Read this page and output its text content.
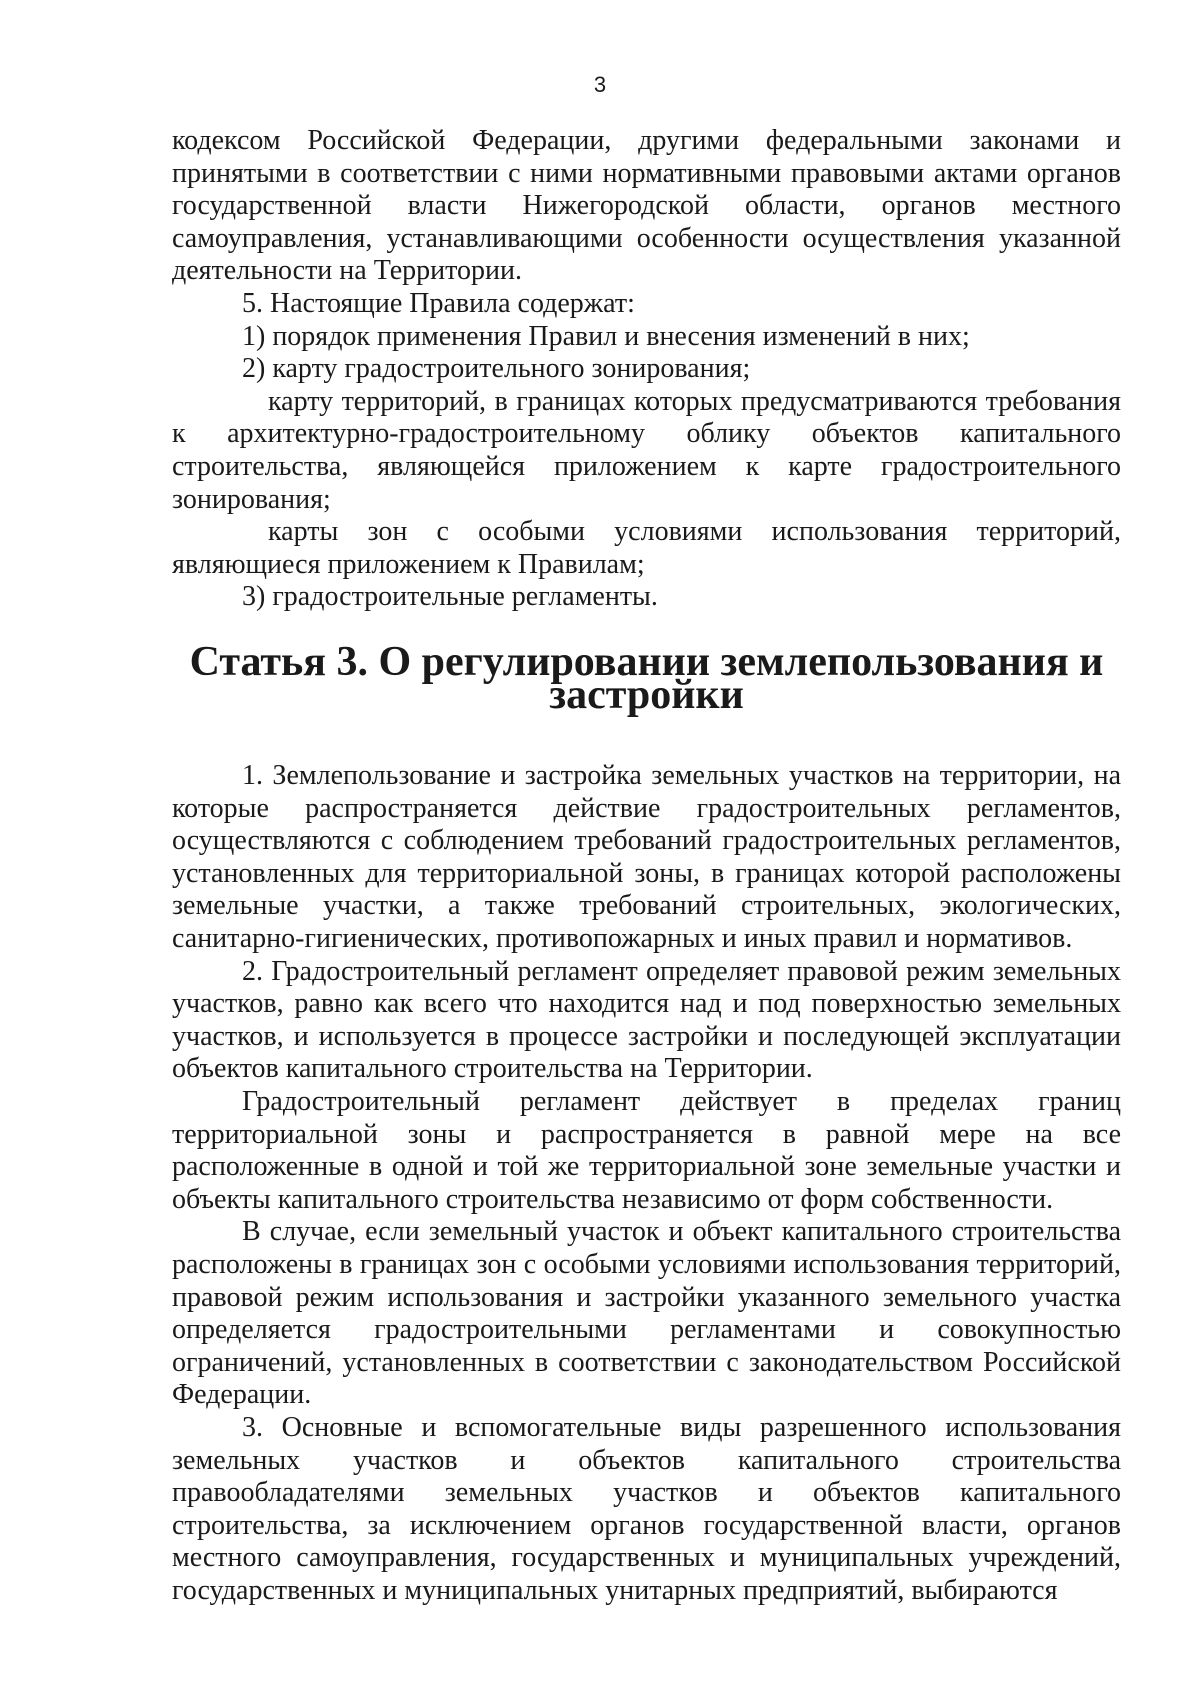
3

кодексом Российской Федерации, другими федеральными законами и принятыми в соответствии с ними нормативными правовыми актами органов государственной власти Нижегородской области, органов местного самоуправления, устанавливающими особенности осуществления указанной деятельности на Территории.

5. Настоящие Правила содержат:

1) порядок применения Правил и внесения изменений в них;

2) карту градостроительного зонирования;

карту территорий, в границах которых предусматриваются требования к архитектурно-градостроительному облику объектов капитального строительства, являющейся приложением к карте градостроительного зонирования;

карты зон с особыми условиями использования территорий, являющиеся приложением к Правилам;

3) градостроительные регламенты.

Статья 3. О регулировании землепользования и застройки

1. Землепользование и застройка земельных участков на территории, на которые распространяется действие градостроительных регламентов, осуществляются с соблюдением требований градостроительных регламентов, установленных для территориальной зоны, в границах которой расположены земельные участки, а также требований строительных, экологических, санитарно-гигиенических, противопожарных и иных правил и нормативов.

2. Градостроительный регламент определяет правовой режим земельных участков, равно как всего что находится над и под поверхностью земельных участков, и используется в процессе застройки и последующей эксплуатации объектов капитального строительства на Территории.

Градостроительный регламент действует в пределах границ территориальной зоны и распространяется в равной мере на все расположенные в одной и той же территориальной зоне земельные участки и объекты капитального строительства независимо от форм собственности.

В случае, если земельный участок и объект капитального строительства расположены в границах зон с особыми условиями использования территорий, правовой режим использования и застройки указанного земельного участка определяется градостроительными регламентами и совокупностью ограничений, установленных в соответствии с законодательством Российской Федерации.

3. Основные и вспомогательные виды разрешенного использования земельных участков и объектов капитального строительства правообладателями земельных участков и объектов капитального строительства, за исключением органов государственной власти, органов местного самоуправления, государственных и муниципальных учреждений, государственных и муниципальных унитарных предприятий, выбираются
